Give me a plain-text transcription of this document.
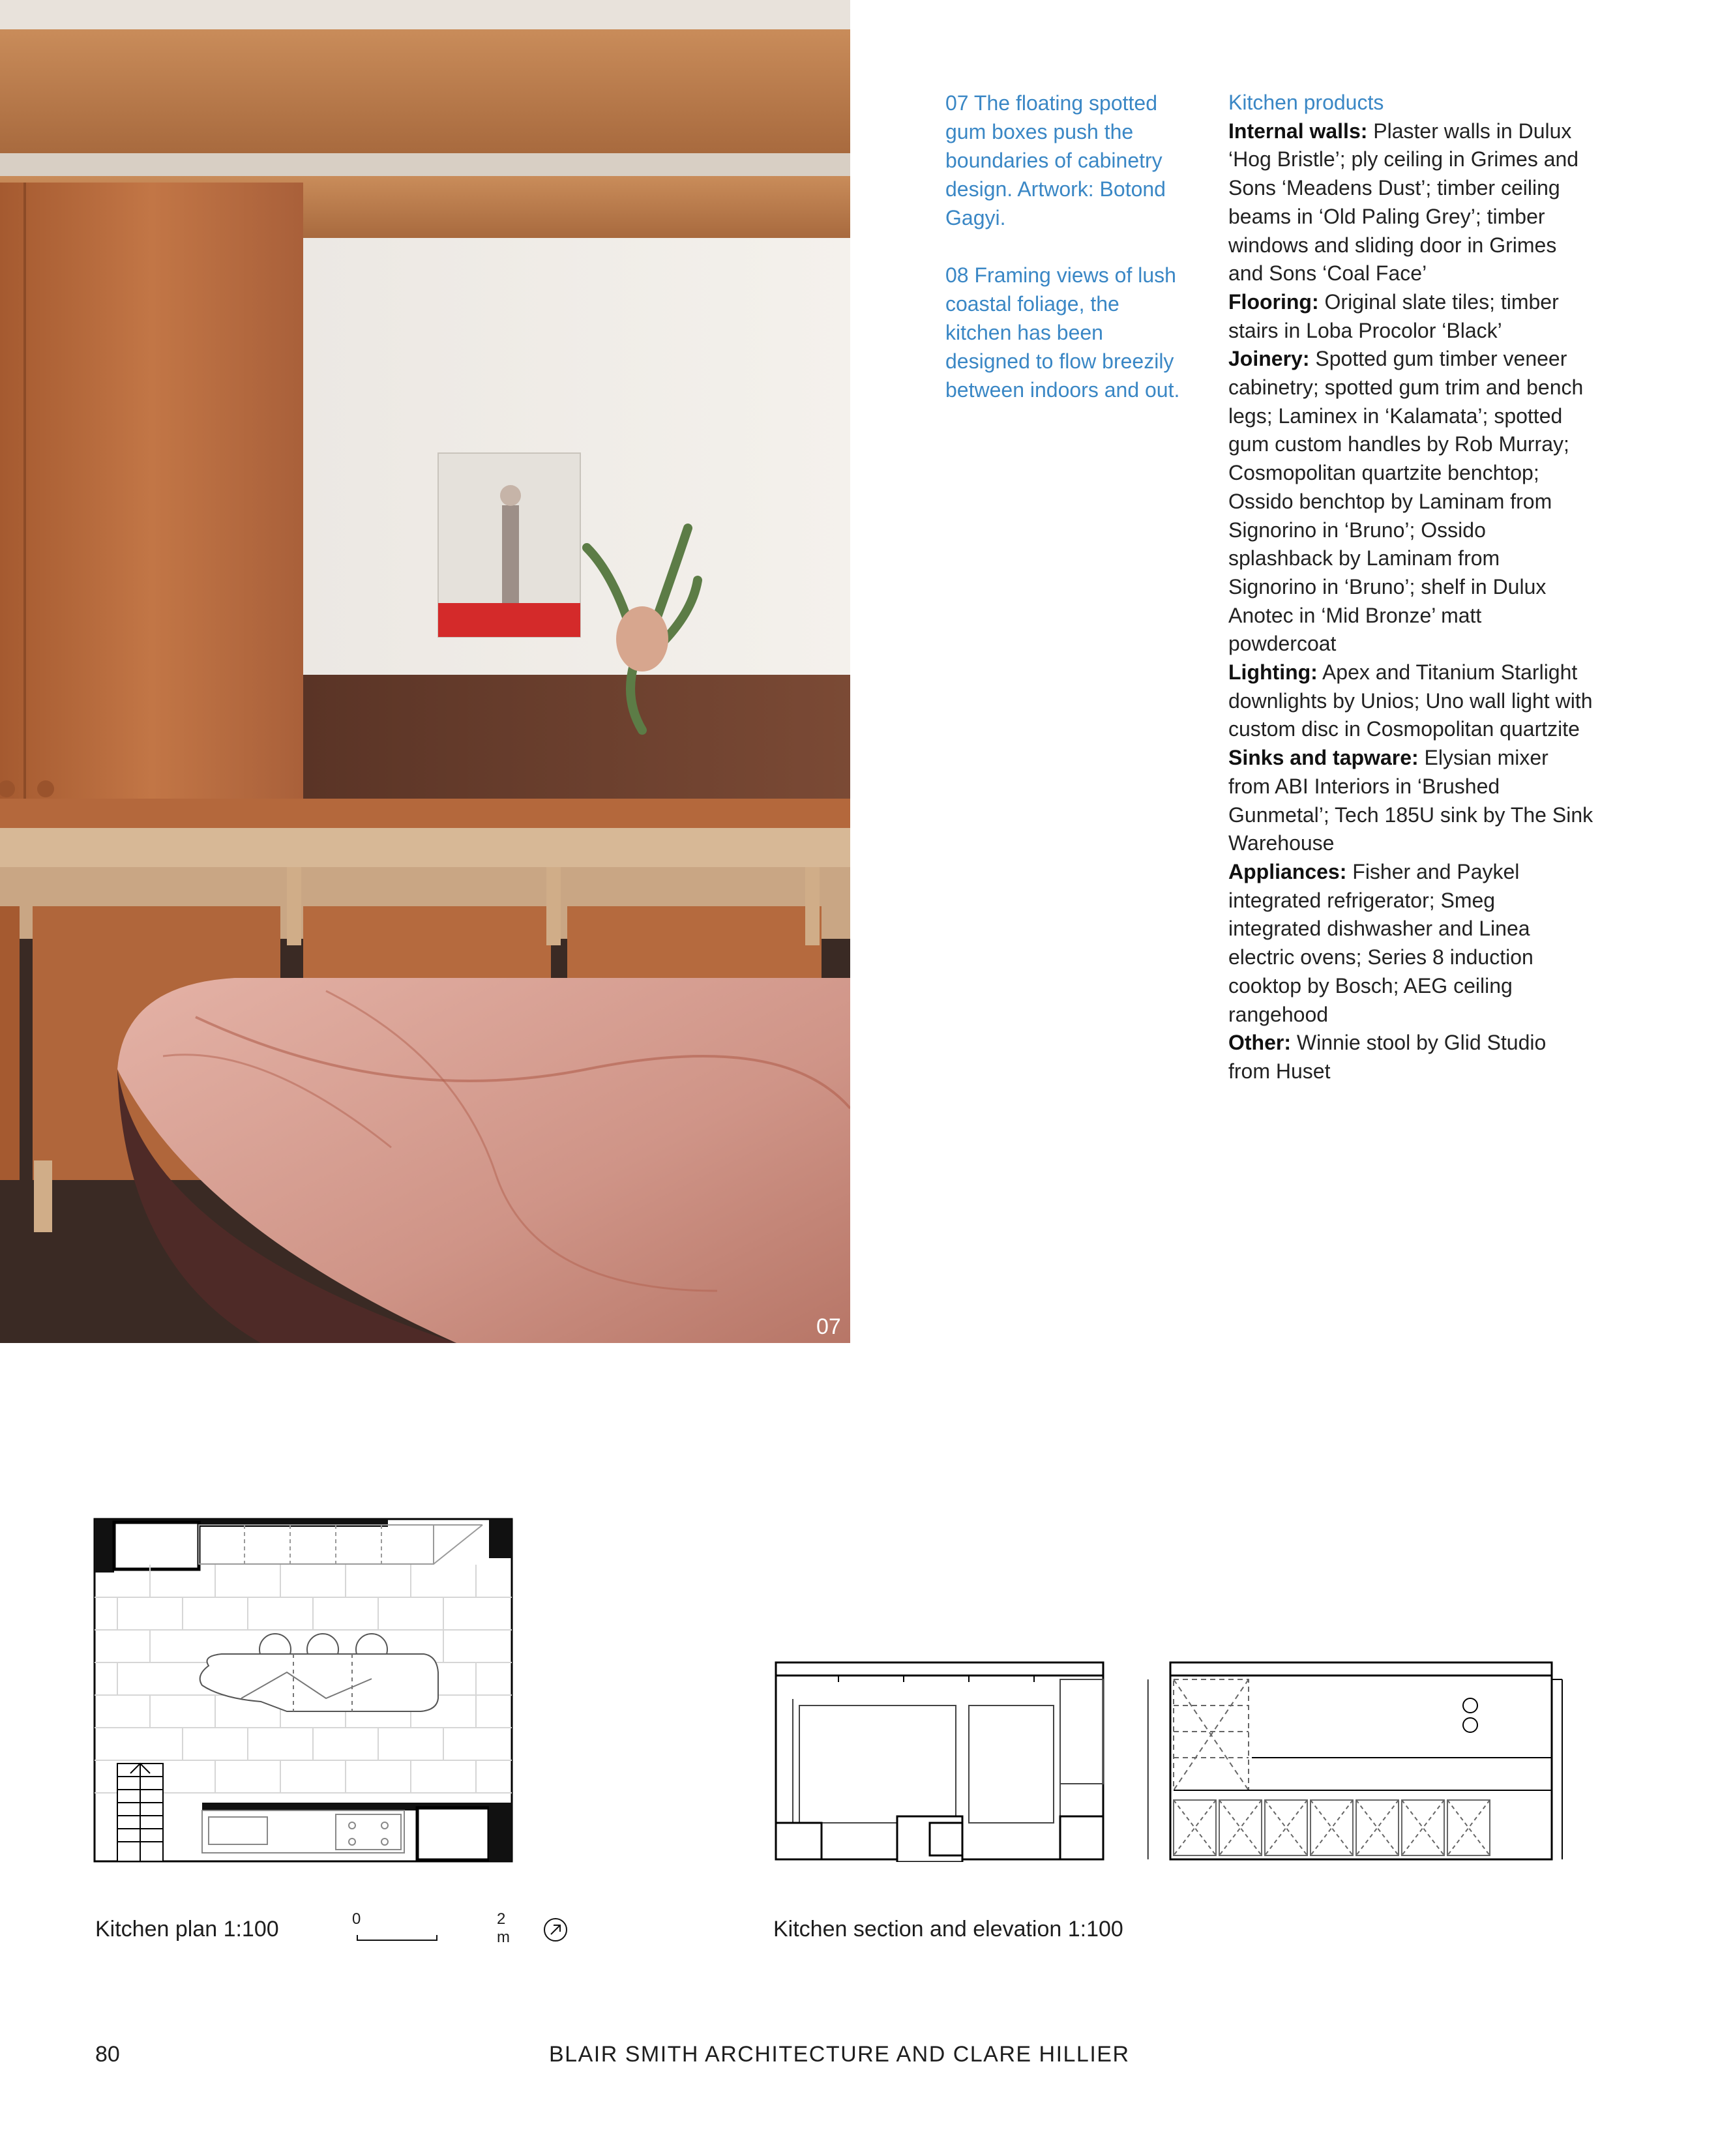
07

07 The floating spotted gum boxes push the boundaries of cabinetry design. Artwork: Botond Gagyi.

08 Framing views of lush coastal foliage, the kitchen has been designed to flow breezily between indoors and out.

Kitchen products

Internal walls: Plaster walls in Dulux ‘Hog Bristle’; ply ceiling in Grimes and Sons ‘Meadens Dust’; timber ceiling beams in ‘Old Paling Grey’; timber windows and sliding door in Grimes and Sons ‘Coal Face’

Flooring: Original slate tiles; timber stairs in Loba Procolor ‘Black’

Joinery: Spotted gum timber veneer cabinetry; spotted gum trim and bench legs; Laminex in ‘Kalamata’; spotted gum custom handles by Rob Murray; Cosmopolitan quartzite benchtop; Ossido benchtop by Laminam from Signorino in ‘Bruno’; Ossido splashback by Laminam from Signorino in ‘Bruno’; shelf in Dulux Anotec in ‘Mid Bronze’ matt powdercoat

Lighting: Apex and Titanium Starlight downlights by Unios; Uno wall light with custom disc in Cosmopolitan quartzite

Sinks and tapware: Elysian mixer from ABI Interiors in ‘Brushed Gunmetal’; Tech 185U sink by The Sink Warehouse

Appliances: Fisher and Paykel integrated refrigerator; Smeg integrated dishwasher and Linea electric ovens; Series 8 induction cooktop by Bosch; AEG ceiling rangehood

Other: Winnie stool by Glid Studio from Huset

Kitchen plan 1:100	0	2 m	Kitchen section and elevation 1:100
80	BLAIR SMITH ARCHITECTURE AND CLARE HILLIER
